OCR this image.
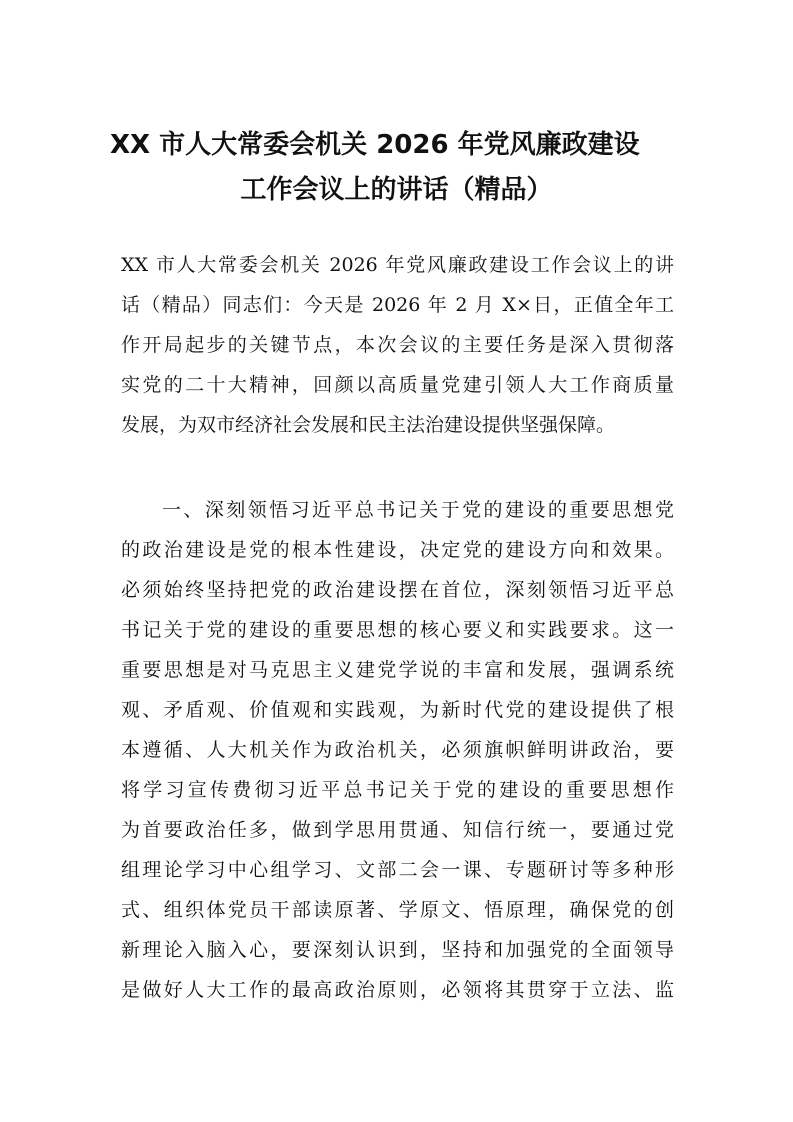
XX 市人大常委会机关 2026 年党风廉政建设
工作会议上的讲话（精品）

XX 市人大常委会机关 2026 年党风廉政建设工作会议上的讲

话（精品）同志们：今天是 2026 年 2 月 X×日，正值全年工

作开局起步的关键节点，本次会议的主要任务是深入贯彻落

实党的二十大精神，回颜以高质量党建引领人大工作商质量

发展，为双市经济社会发展和民主法治建设提供坚强保障。

一、深刻领悟习近平总书记关于党的建设的重要思想党

的政治建设是党的根本性建设，决定党的建设方向和效果。

必须始终坚持把党的政治建设摆在首位，深刻领悟习近平总

书记关于党的建设的重要思想的核心要义和实践要求。这一

重要思想是对马克思主义建党学说的丰富和发展，强调系统

观、矛盾观、价值观和实践观，为新时代党的建设提供了根

本遵循、人大机关作为政治机关，必须旗帜鲜明讲政治，要

将学习宣传费彻习近平总书记关于党的建设的重要思想作

为首要政治任多，做到学思用贯通、知信行统一，要通过党

组理论学习中心组学习、文部二会一课、专题研讨等多种形

式、组织体党员干部读原著、学原文、悟原理，确保党的创

新理论入脑入心，要深刻认识到，坚持和加强党的全面领导

是做好人大工作的最高政治原则，必领将其贯穿于立法、监
